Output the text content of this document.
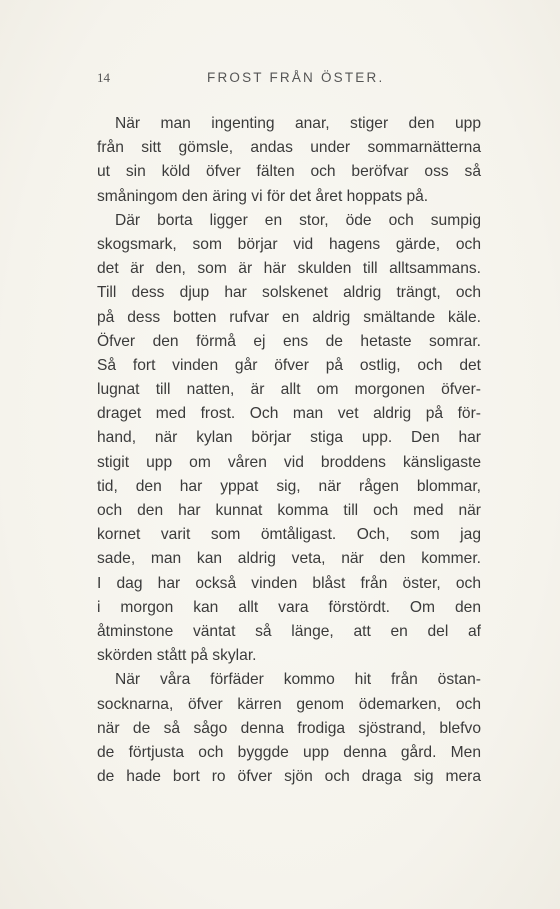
14	FROST FRÅN ÖSTER.
När man ingenting anar, stiger den upp
från sitt gömsle, andas under sommarnätterna
ut sin köld öfver fälten och beröfvar oss så
småningom den äring vi för det året hoppats på.
Där borta ligger en stor, öde och sumpig
skogsmark, som börjar vid hagens gärde, och
det är den, som är här skulden till alltsammans.
Till dess djup har solskenet aldrig trängt, och
på dess botten rufvar en aldrig smältande käle.
Öfver den förmå ej ens de hetaste somrar.
Så fort vinden går öfver på ostlig, och det
lugnat till natten, är allt om morgonen öfver-
draget med frost. Och man vet aldrig på för-
hand, när kylan börjar stiga upp. Den har
stigit upp om våren vid broddens känsligaste
tid, den har yppat sig, när rågen blommar,
och den har kunnat komma till och med när
kornet varit som ömtåligast. Och, som jag
sade, man kan aldrig veta, när den kommer.
I dag har också vinden blåst från öster, och
i morgon kan allt vara förstördt. Om den
åtminstone väntat så länge, att en del af
skörden stått på skylar.
När våra förfäder kommo hit från östan-
socknarna, öfver kärren genom ödemarken, och
när de så sågo denna frodiga sjöstrand, blefvo
de förtjusta och byggde upp denna gård. Men
de hade bort ro öfver sjön och draga sig mera
